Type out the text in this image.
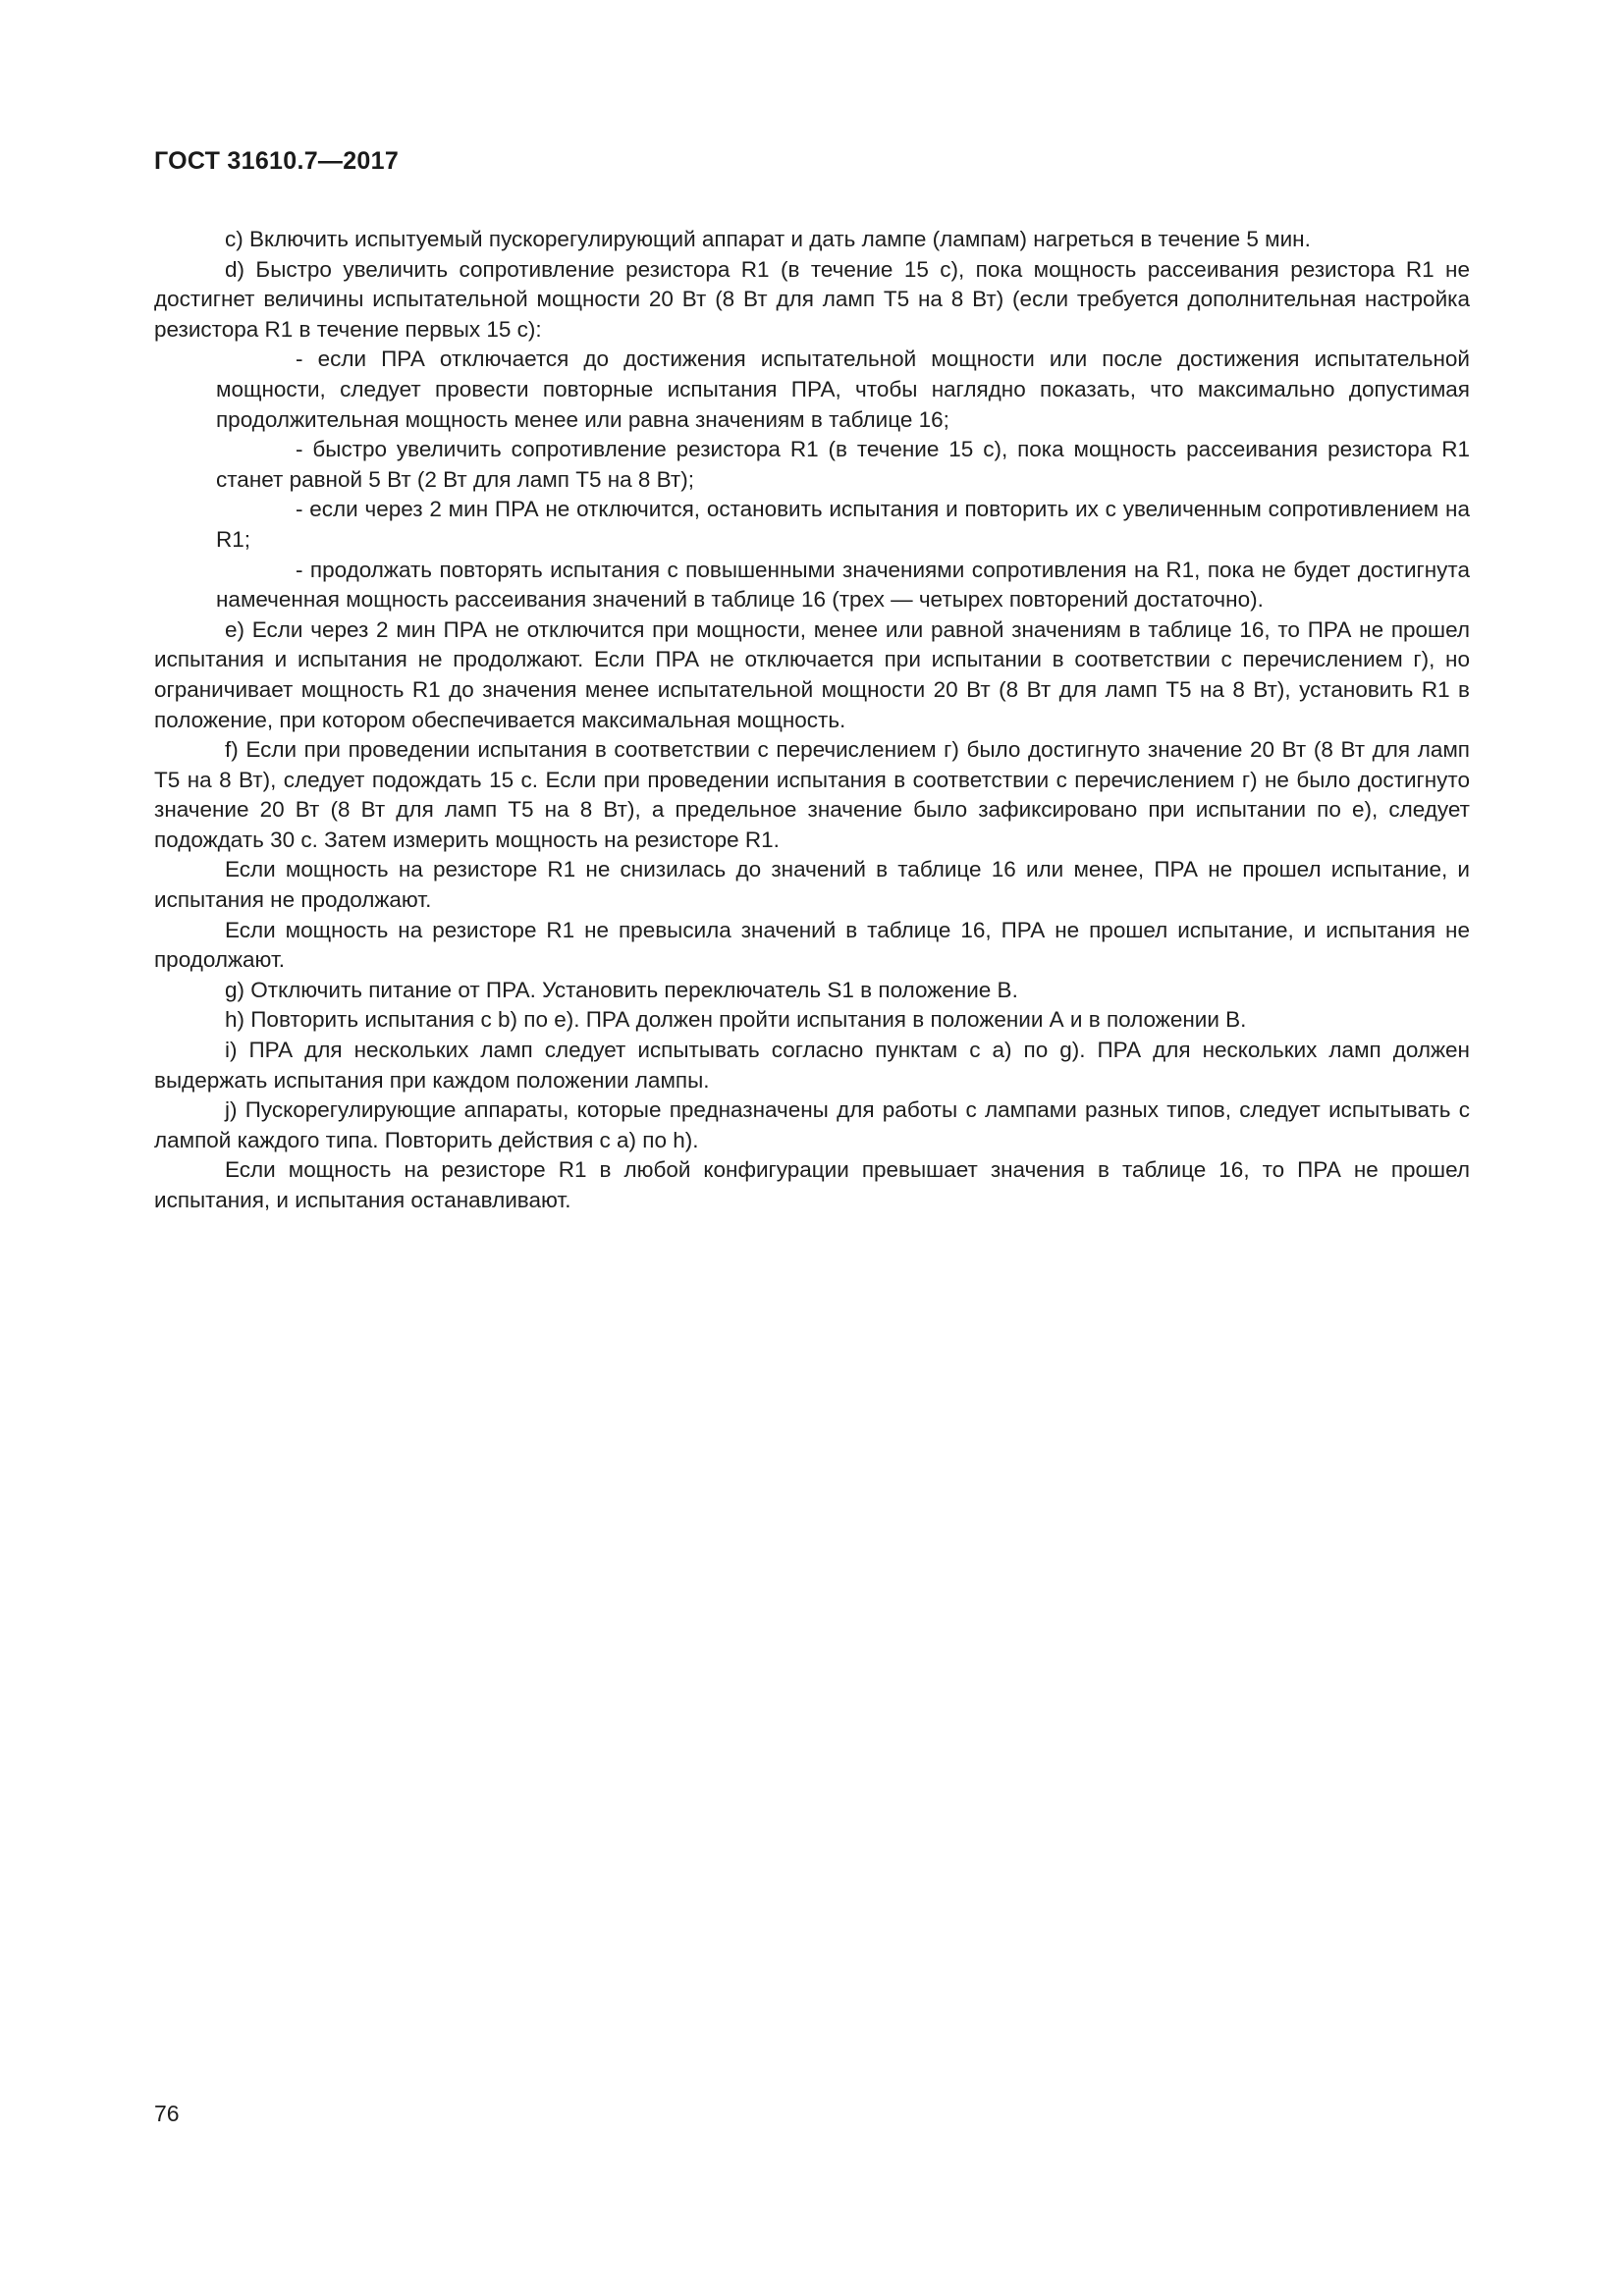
ГОСТ 31610.7—2017

c) Включить испытуемый пускорегулирующий аппарат и дать лампе (лампам) нагреться в течение 5 мин.

d) Быстро увеличить сопротивление резистора R1 (в течение 15 с), пока мощность рассеивания резистора R1 не достигнет величины испытательной мощности 20 Вт (8 Вт для ламп Т5 на 8 Вт) (если требуется дополнительная настройка резистора R1 в течение первых 15 с):

- если ПРА отключается до достижения испытательной мощности или после достижения испытательной мощности, следует провести повторные испытания ПРА, чтобы наглядно показать, что максимально допустимая продолжительная мощность менее или равна значениям в таблице 16;

- быстро увеличить сопротивление резистора R1 (в течение 15 с), пока мощность рассеивания резистора R1 станет равной 5 Вт (2 Вт для ламп Т5 на 8 Вт);

- если через 2 мин ПРА не отключится, остановить испытания и повторить их с увеличенным сопротивлением на R1;

- продолжать повторять испытания с повышенными значениями сопротивления на R1, пока не будет достигнута намеченная мощность рассеивания значений в таблице 16 (трех — четырех повторений достаточно).

e) Если через 2 мин ПРА не отключится при мощности, менее или равной значениям в таблице 16, то ПРА не прошел испытания и испытания не продолжают. Если ПРА не отключается при испытании в соответствии с перечислением г), но ограничивает мощность R1 до значения менее испытательной мощности 20 Вт (8 Вт для ламп Т5 на 8 Вт), установить R1 в положение, при котором обеспечивается максимальная мощность.

f) Если при проведении испытания в соответствии с перечислением г) было достигнуто значение 20 Вт (8 Вт для ламп Т5 на 8 Вт), следует подождать 15 с. Если при проведении испытания в соответствии с перечислением г) не было достигнуто значение 20 Вт (8 Вт для ламп Т5 на 8 Вт), а предельное значение было зафиксировано при испытании по е), следует подождать 30 с. Затем измерить мощность на резисторе R1.

Если мощность на резисторе R1 не снизилась до значений в таблице 16 или менее, ПРА не прошел испытание, и испытания не продолжают.

Если мощность на резисторе R1 не превысила значений в таблице 16, ПРА не прошел испытание, и испытания не продолжают.

g) Отключить питание от ПРА. Установить переключатель S1 в положение В.

h) Повторить испытания с b) по е). ПРА должен пройти испытания в положении А и в положении В.

i) ПРА для нескольких ламп следует испытывать согласно пунктам с а) по g). ПРА для нескольких ламп должен выдержать испытания при каждом положении лампы.

j) Пускорегулирующие аппараты, которые предназначены для работы с лампами разных типов, следует испытывать с лампой каждого типа. Повторить действия с а) по h).

Если мощность на резисторе R1 в любой конфигурации превышает значения в таблице 16, то ПРА не прошел испытания, и испытания останавливают.

76
